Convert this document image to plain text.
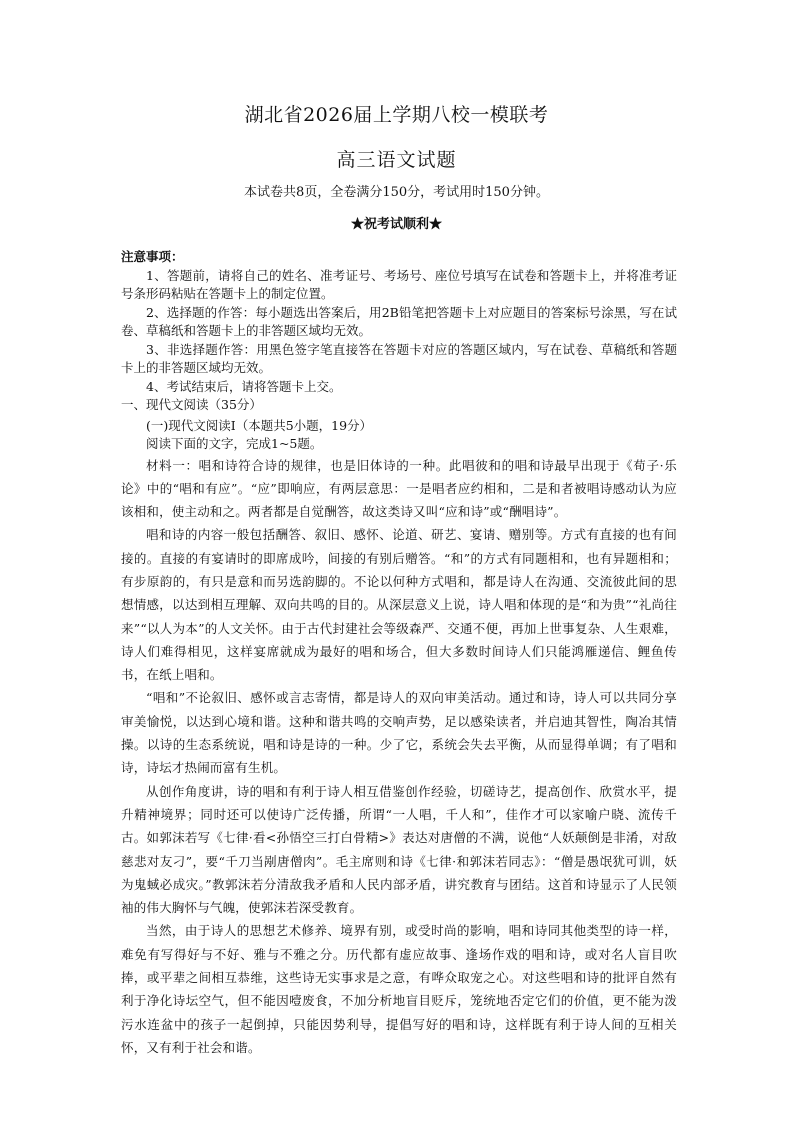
湖北省2026届上学期八校一模联考
高三语文试题
本试卷共8页，全卷满分150分，考试用时150分钟。
★祝考试顺利★
注意事项：

1、答题前，请将自己的姓名、准考证号、考场号、座位号填写在试卷和答题卡上，并将准考证号条形码粘贴在答题卡上的制定位置。

2、选择题的作答：每小题选出答案后，用2B铅笔把答题卡上对应题目的答案标号涂黑，写在试卷、草稿纸和答题卡上的非答题区域均无效。

3、非选择题作答：用黑色签字笔直接答在答题卡对应的答题区域内，写在试卷、草稿纸和答题卡上的非答题区域均无效。

4、考试结束后，请将答题卡上交。

一、现代文阅读（35分）

(一)现代文阅读Ⅰ（本题共5小题，19分）

阅读下面的文字，完成1~5题。

材料一：唱和诗符合诗的规律，也是旧体诗的一种。此唱彼和的唱和诗最早出现于《荀子·乐论》中的“唱和有应”。“应”即响应，有两层意思：一是唱者应约相和，二是和者被唱诗感动认为应该相和，使主动和之。两者都是自觉酬答，故这类诗又叫“应和诗”或“酬唱诗”。

唱和诗的内容一般包括酬答、叙旧、感怀、论道、研艺、宴请、赠别等。方式有直接的也有间接的。直接的有宴请时的即席成吟，间接的有别后赠答。“和”的方式有同题相和，也有异题相和；有步原韵的，有只是意和而另选韵脚的。不论以何种方式唱和，都是诗人在沟通、交流彼此间的思想情感，以达到相互理解、双向共鸣的目的。从深层意义上说，诗人唱和体现的是“和为贵”“礼尚往来”“以人为本”的人文关怀。由于古代封建社会等级森严、交通不便，再加上世事复杂、人生艰难，诗人们难得相见，这样宴席就成为最好的唱和场合，但大多数时间诗人们只能鸿雁递信、鲤鱼传书，在纸上唱和。

“唱和”不论叙旧、感怀或言志寄情，都是诗人的双向审美活动。通过和诗，诗人可以共同分享审美愉悦，以达到心境和谐。这种和谐共鸣的交响声势，足以感染读者，并启迪其智性，陶冶其情操。以诗的生态系统说，唱和诗是诗的一种。少了它，系统会失去平衡，从而显得单调；有了唱和诗，诗坛才热闹而富有生机。

从创作角度讲，诗的唱和有利于诗人相互借鉴创作经验，切磋诗艺，提高创作、欣赏水平，提升精神境界；同时还可以使诗广泛传播，所谓“一人唱，千人和”，佳作才可以家喻户晓、流传千古。如郭沫若写《七律·看<孙悟空三打白骨精>》表达对唐僧的不满，说他“人妖颠倒是非淆，对敌慈悲对友刁”，要“千刀当剐唐僧肉”。毛主席则和诗《七律·和郭沫若同志》：“僧是愚氓犹可训，妖为鬼蜮必成灾。”教郭沫若分清敌我矛盾和人民内部矛盾，讲究教育与团结。这首和诗显示了人民领袖的伟大胸怀与气魄，使郭沫若深受教育。

当然，由于诗人的思想艺术修养、境界有别，或受时尚的影响，唱和诗同其他类型的诗一样，难免有写得好与不好、雅与不雅之分。历代都有虚应故事、逢场作戏的唱和诗，或对名人盲目吹捧，或平辈之间相互恭维，这些诗无实事求是之意，有哗众取宠之心。对这些唱和诗的批评自然有利于净化诗坛空气，但不能因噎废食，不加分析地盲目贬斥，笼统地否定它们的价值，更不能为泼污水连盆中的孩子一起倒掉，只能因势利导，提倡写好的唱和诗，这样既有利于诗人间的互相关怀，又有利于社会和谐。
